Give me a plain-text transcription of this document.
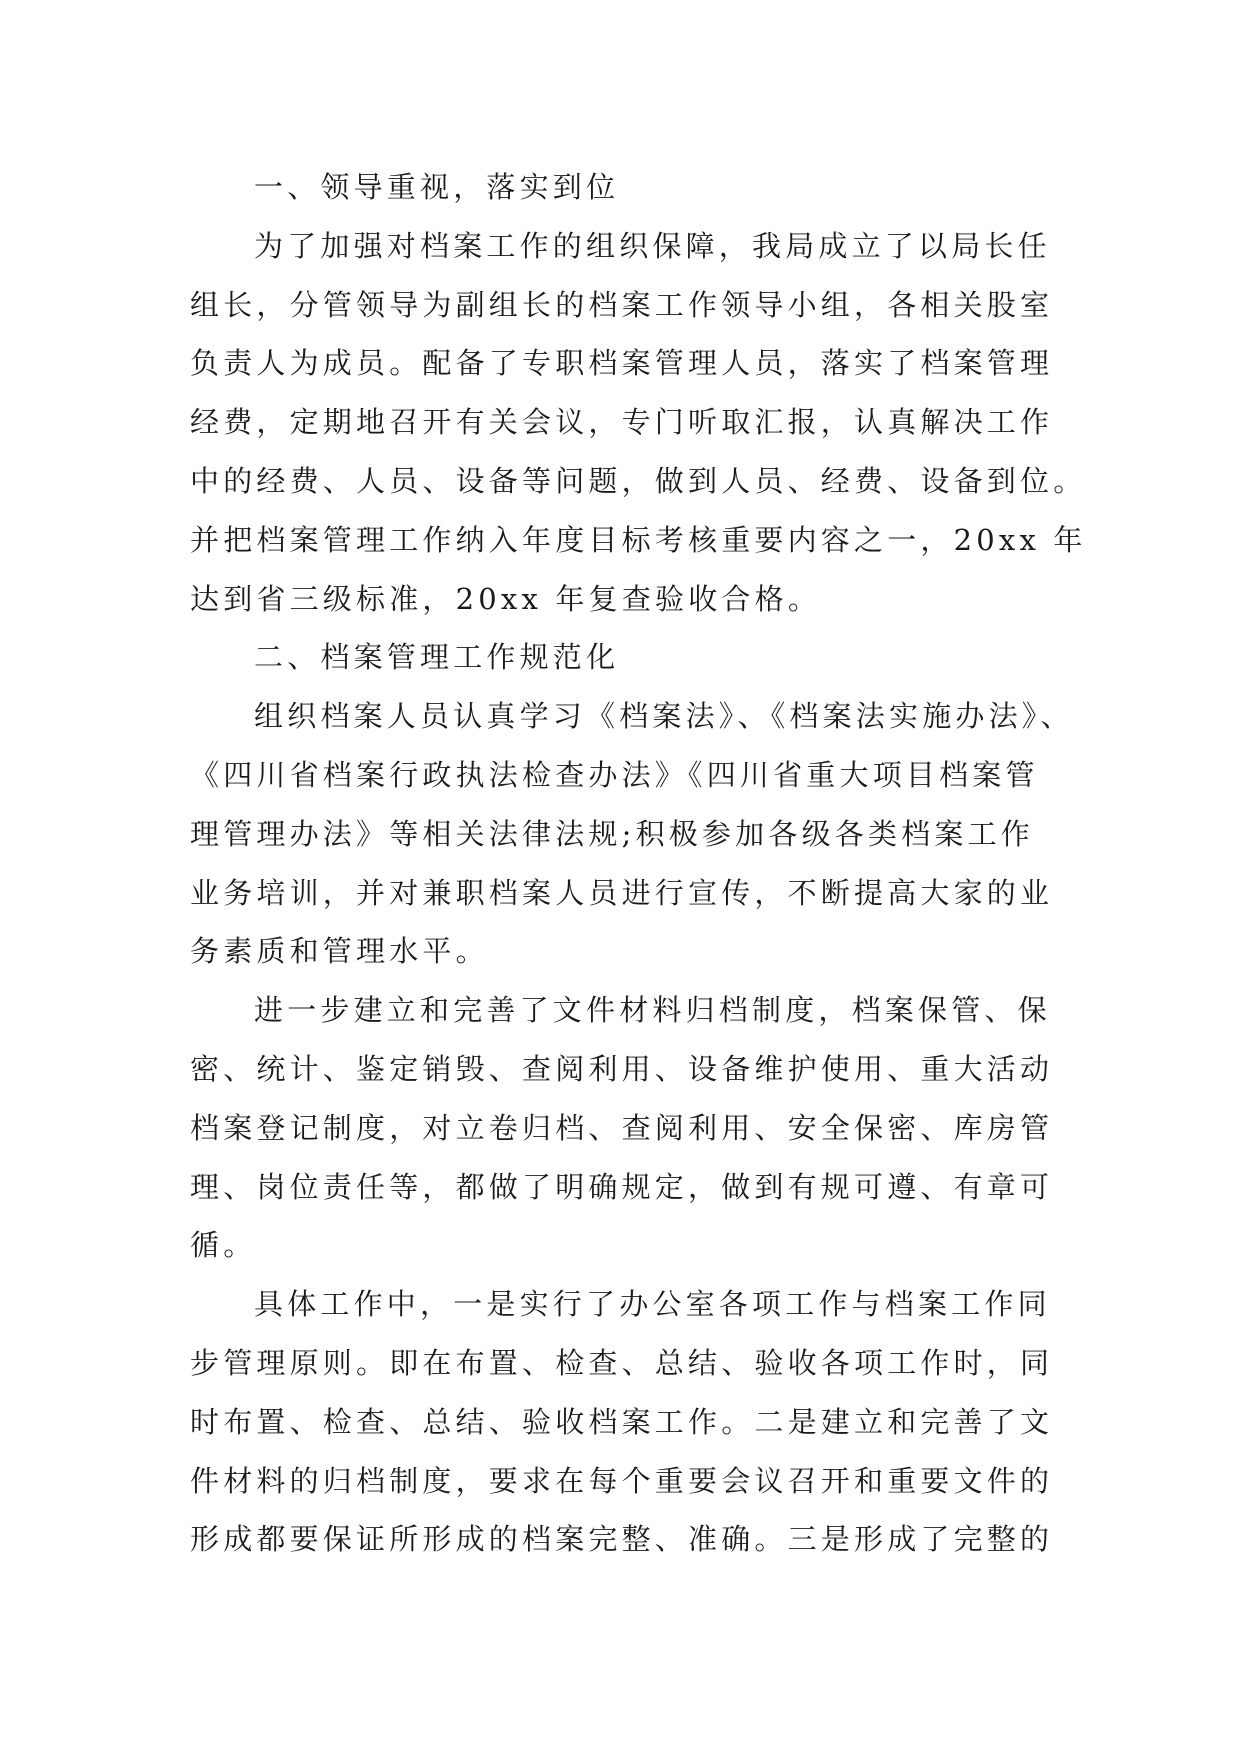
一、领导重视，落实到位
为了加强对档案工作的组织保障，我局成立了以局长任
组长，分管领导为副组长的档案工作领导小组，各相关股室
负责人为成员。配备了专职档案管理人员，落实了档案管理
经费，定期地召开有关会议，专门听取汇报，认真解决工作
中的经费、人员、设备等问题，做到人员、经费、设备到位。
并把档案管理工作纳入年度目标考核重要内容之一，20xx 年
达到省三级标准，20xx 年复查验收合格。
二、档案管理工作规范化
组织档案人员认真学习《档案法》、《档案法实施办法》、
《四川省档案行政执法检查办法》《四川省重大项目档案管
理管理办法》等相关法律法规;积极参加各级各类档案工作
业务培训，并对兼职档案人员进行宣传，不断提高大家的业
务素质和管理水平。
进一步建立和完善了文件材料归档制度，档案保管、保
密、统计、鉴定销毁、查阅利用、设备维护使用、重大活动
档案登记制度，对立卷归档、查阅利用、安全保密、库房管
理、岗位责任等，都做了明确规定，做到有规可遵、有章可
循。
具体工作中，一是实行了办公室各项工作与档案工作同
步管理原则。即在布置、检查、总结、验收各项工作时，同
时布置、检查、总结、验收档案工作。二是建立和完善了文
件材料的归档制度，要求在每个重要会议召开和重要文件的
形成都要保证所形成的档案完整、准确。三是形成了完整的
